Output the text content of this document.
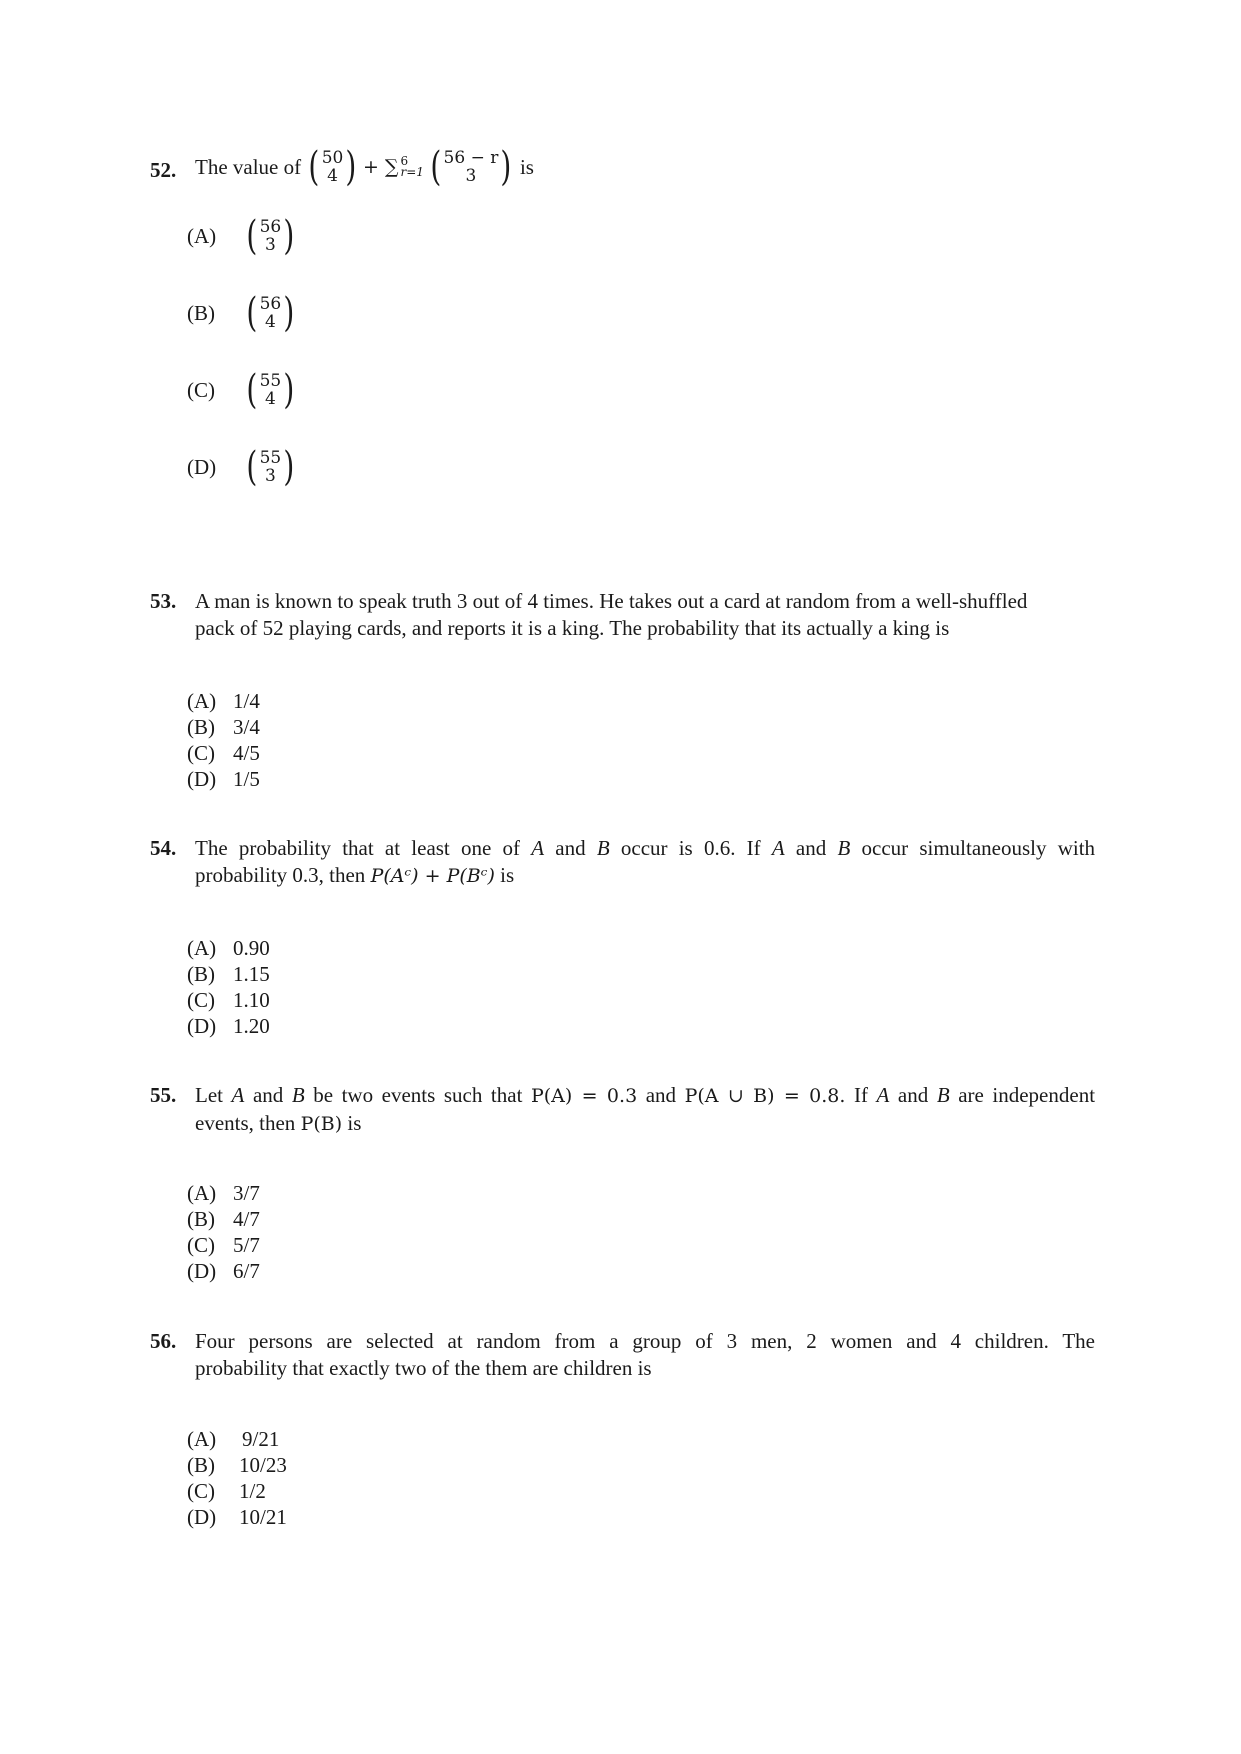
52. The value of ( 50
4 ) + ∑ 6
r=1 ( 56 − r
3 ) is
(A) ( 56
3 )
(B) ( 56
4 )
(C) ( 55
4 )
(D) ( 55
3 )
53. A man is known to speak truth 3 out of 4 times. He takes out a card at random from a well-shuffled
pack of 52 playing cards, and reports it is a king. The probability that its actually a king is
(A) 1/4
(B) 3/4
(C) 4/5
(D) 1/5
54. The probability that at least one of A and B occur is 0.6. If A and B occur simultaneously with
probability 0.3, then P(Aᶜ) + P(Bᶜ) is
(A) 0.90
(B) 1.15
(C) 1.10
(D) 1.20
55. Let A and B be two events such that P(A) = 0.3 and P(A ∪ B) = 0.8. If A and B are independent
events, then P(B) is
(A) 3/7
(B) 4/7
(C) 5/7
(D) 6/7
56. Four persons are selected at random from a group of 3 men, 2 women and 4 children. The
probability that exactly two of the them are children is
(A)	9/21
(B)	10/23
(C)	1/2
(D)	10/21
